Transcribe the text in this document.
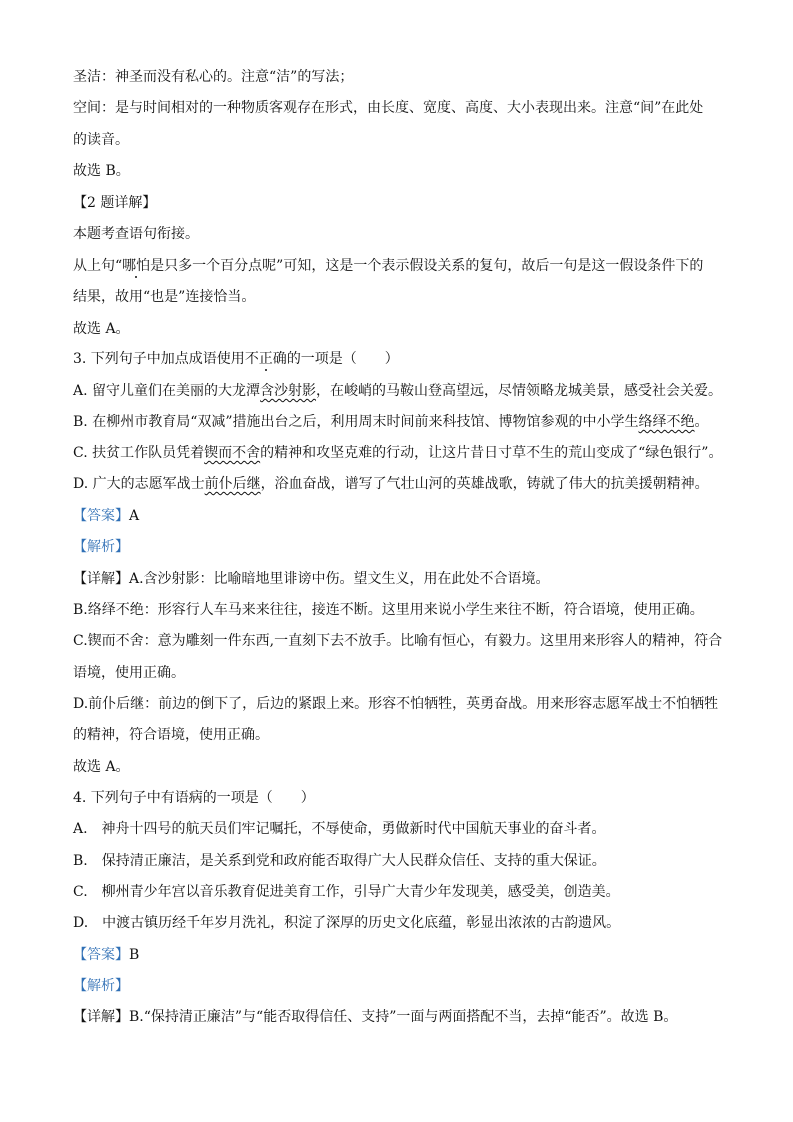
圣洁：神圣而没有私心的。注意“洁”的写法；
空间：是与时间相对的一种物质客观存在形式，由长度、宽度、高度、大小表现出来。注意“间”在此处
的读音。
故选 B。
【2 题详解】
本题考查语句衔接。
从上句“哪怕是只多一个百分点呢”可知，这是一个表示假设关系的复句，故后一句是这一假设条件下的
结果，故用“也是”连接恰当。
故选 A。
3. 下列句子中加点成语使用不正确的一项是（　　）
A. 留守儿童们在美丽的大龙潭含沙射影，在峻峭的马鞍山登高望远，尽情领略龙城美景，感受社会关爱。
B. 在柳州市教育局“双减”措施出台之后，利用周末时间前来科技馆、博物馆参观的中小学生络绎不绝。
C. 扶贫工作队员凭着锲而不舍的精神和攻坚克难的行动，让这片昔日寸草不生的荒山变成了“绿色银行”。
D. 广大的志愿军战士前仆后继，浴血奋战，谱写了气壮山河的英雄战歌，铸就了伟大的抗美援朝精神。
【答案】A
【解析】
【详解】A.含沙射影：比喻暗地里诽谤中伤。望文生义，用在此处不合语境。
B.络绎不绝：形容行人车马来来往往，接连不断。这里用来说小学生来往不断，符合语境，使用正确。
C.锲而不舍：意为雕刻一件东西,一直刻下去不放手。比喻有恒心，有毅力。这里用来形容人的精神，符合
语境，使用正确。
D.前仆后继：前边的倒下了，后边的紧跟上来。形容不怕牺牲，英勇奋战。用来形容志愿军战士不怕牺牲
的精神，符合语境，使用正确。
故选 A。
4. 下列句子中有语病的一项是（　　）
A.　神舟十四号的航天员们牢记嘱托，不辱使命，勇做新时代中国航天事业的奋斗者。
B.　保持清正廉洁，是关系到党和政府能否取得广大人民群众信任、支持的重大保证。
C.　柳州青少年宫以音乐教育促进美育工作，引导广大青少年发现美，感受美，创造美。
D.　中渡古镇历经千年岁月洗礼，积淀了深厚的历史文化底蕴，彰显出浓浓的古韵遗风。
【答案】B
【解析】
【详解】B.“保持清正廉洁”与“能否取得信任、支持”一面与两面搭配不当，去掉“能否”。故选 B。
